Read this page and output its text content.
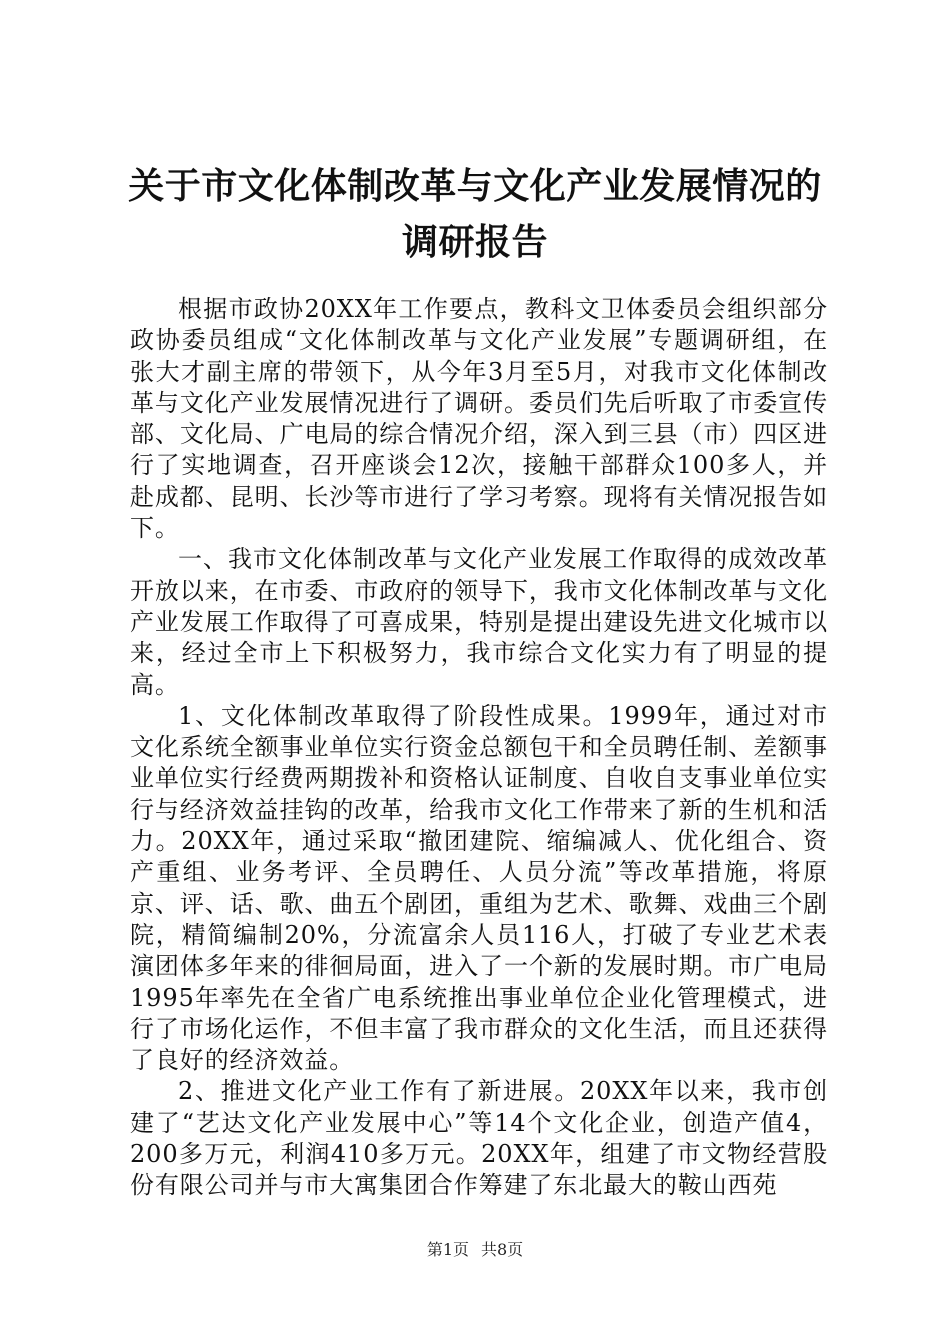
关于市文化体制改革与文化产业发展情况的调研报告

根据市政协20XX年工作要点，教科文卫体委员会组织部分政协委员组成“文化体制改革与文化产业发展”专题调研组，在张大才副主席的带领下，从今年3月至5月，对我市文化体制改革与文化产业发展情况进行了调研。委员们先后听取了市委宣传部、文化局、广电局的综合情况介绍，深入到三县（市）四区进行了实地调查，召开座谈会12次，接触干部群众100多人，并赴成都、昆明、长沙等市进行了学习考察。现将有关情况报告如下。

一、我市文化体制改革与文化产业发展工作取得的成效改革开放以来，在市委、市政府的领导下，我市文化体制改革与文化产业发展工作取得了可喜成果，特别是提出建设先进文化城市以来，经过全市上下积极努力，我市综合文化实力有了明显的提高。

1、文化体制改革取得了阶段性成果。1999年，通过对市文化系统全额事业单位实行资金总额包干和全员聘任制、差额事业单位实行经费两期拨补和资格认证制度、自收自支事业单位实行与经济效益挂钩的改革，给我市文化工作带来了新的生机和活力。20XX年，通过采取“撤团建院、缩编减人、优化组合、资产重组、业务考评、全员聘任、人员分流”等改革措施，将原京、评、话、歌、曲五个剧团，重组为艺术、歌舞、戏曲三个剧院，精简编制20%，分流富余人员116人，打破了专业艺术表演团体多年来的徘徊局面，进入了一个新的发展时期。市广电局1995年率先在全省广电系统推出事业单位企业化管理模式，进行了市场化运作，不但丰富了我市群众的文化生活，而且还获得了良好的经济效益。

2、推进文化产业工作有了新进展。20XX年以来，我市创建了“艺达文化产业发展中心”等14个文化企业，创造产值4，200多万元，利润410多万元。20XX年，组建了市文物经营股份有限公司并与市大寓集团合作筹建了东北最大的鞍山西苑

第1页 共8页
